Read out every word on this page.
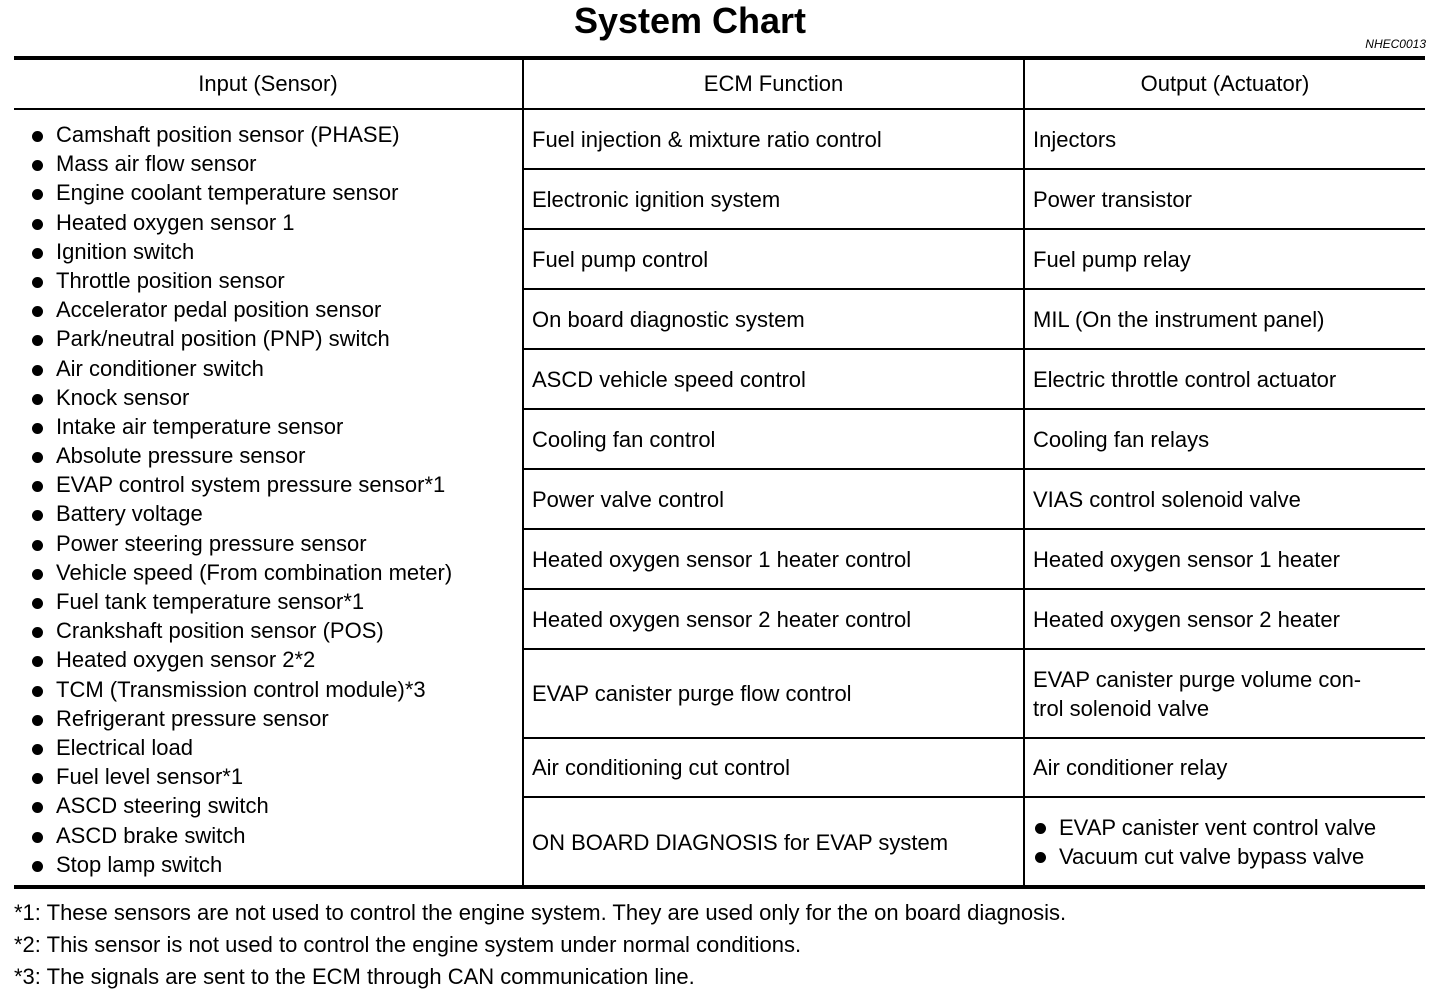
System Chart
NHEC0013
Input (Sensor)	ECM Function	Output (Actuator)
Camshaft position sensor (PHASE)
Mass air flow sensor
Engine coolant temperature sensor
Heated oxygen sensor 1
Ignition switch
Throttle position sensor
Accelerator pedal position sensor
Park/neutral position (PNP) switch
Air conditioner switch
Knock sensor
Intake air temperature sensor
Absolute pressure sensor
EVAP control system pressure sensor*1
Battery voltage
Power steering pressure sensor
Vehicle speed (From combination meter)
Fuel tank temperature sensor*1
Crankshaft position sensor (POS)
Heated oxygen sensor 2*2
TCM (Transmission control module)*3
Refrigerant pressure sensor
Electrical load
Fuel level sensor*1
ASCD steering switch
ASCD brake switch
Stop lamp switch
Fuel injection & mixture ratio control
Electronic ignition system
Fuel pump control
On board diagnostic system
ASCD vehicle speed control
Cooling fan control
Power valve control
Heated oxygen sensor 1 heater control
Heated oxygen sensor 2 heater control
EVAP canister purge flow control
Air conditioning cut control
ON BOARD DIAGNOSIS for EVAP system
Injectors
Power transistor
Fuel pump relay
MIL (On the instrument panel)
Electric throttle control actuator
Cooling fan relays
VIAS control solenoid valve
Heated oxygen sensor 1 heater
Heated oxygen sensor 2 heater
EVAP canister purge volume con-
trol solenoid valve
Air conditioner relay
EVAP canister vent control valve
Vacuum cut valve bypass valve
*1: These sensors are not used to control the engine system. They are used only for the on board diagnosis.
*2: This sensor is not used to control the engine system under normal conditions.
*3: The signals are sent to the ECM through CAN communication line.
